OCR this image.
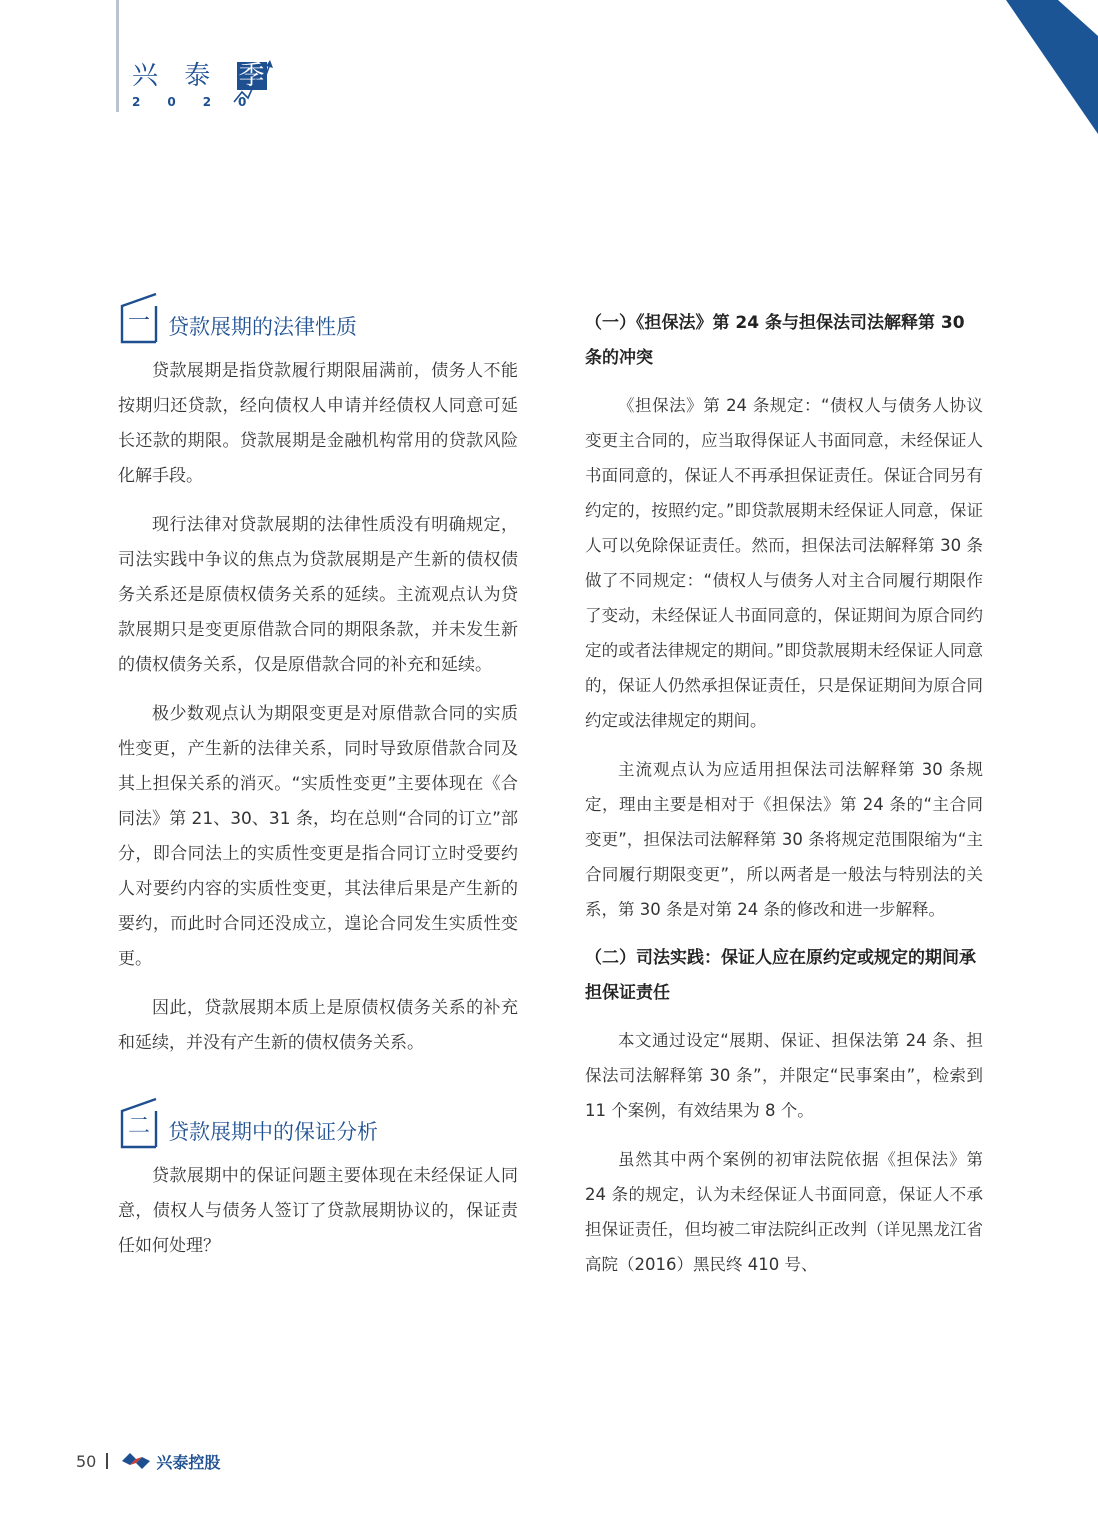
兴 泰 季
2020
一 贷款展期的法律性质

贷款展期是指贷款履行期限届满前，债务人不能按期归还贷款，经向债权人申请并经债权人同意可延长还款的期限。贷款展期是金融机构常用的贷款风险化解手段。

现行法律对贷款展期的法律性质没有明确规定，司法实践中争议的焦点为贷款展期是产生新的债权债务关系还是原债权债务关系的延续。主流观点认为贷款展期只是变更原借款合同的期限条款，并未发生新的债权债务关系，仅是原借款合同的补充和延续。

极少数观点认为期限变更是对原借款合同的实质性变更，产生新的法律关系，同时导致原借款合同及其上担保关系的消灭。“实质性变更”主要体现在《合同法》第 21、30、31 条，均在总则“合同的订立”部分，即合同法上的实质性变更是指合同订立时受要约人对要约内容的实质性变更，其法律后果是产生新的要约，而此时合同还没成立，遑论合同发生实质性变更。

因此，贷款展期本质上是原债权债务关系的补充和延续，并没有产生新的债权债务关系。

二 贷款展期中的保证分析

贷款展期中的保证问题主要体现在未经保证人同意，债权人与债务人签订了贷款展期协议的，保证责任如何处理？

（一）《担保法》第 24 条与担保法司法解释第 30 条的冲突

《担保法》第 24 条规定：“债权人与债务人协议变更主合同的，应当取得保证人书面同意，未经保证人书面同意的，保证人不再承担保证责任。保证合同另有约定的，按照约定。”即贷款展期未经保证人同意，保证人可以免除保证责任。然而，担保法司法解释第 30 条做了不同规定：“债权人与债务人对主合同履行期限作了变动，未经保证人书面同意的，保证期间为原合同约定的或者法律规定的期间。”即贷款展期未经保证人同意的，保证人仍然承担保证责任，只是保证期间为原合同约定或法律规定的期间。

主流观点认为应适用担保法司法解释第 30 条规定，理由主要是相对于《担保法》第 24 条的“主合同变更”，担保法司法解释第 30 条将规定范围限缩为“主合同履行期限变更”，所以两者是一般法与特别法的关系，第 30 条是对第 24 条的修改和进一步解释。

（二）司法实践：保证人应在原约定或规定的期间承担保证责任

本文通过设定“展期、保证、担保法第 24 条、担保法司法解释第 30 条”，并限定“民事案由”，检索到 11 个案例，有效结果为 8 个。

虽然其中两个案例的初审法院依据《担保法》第 24 条的规定，认为未经保证人书面同意，保证人不承担保证责任，但均被二审法院纠正改判（详见黑龙江省高院（2016）黑民终 410 号、

50	兴泰控股
